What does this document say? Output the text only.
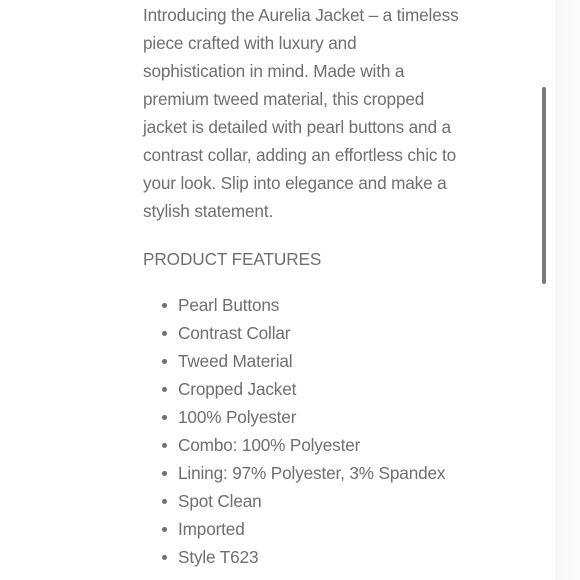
Introducing the Aurelia Jacket – a timeless piece crafted with luxury and sophistication in mind. Made with a premium tweed material, this cropped jacket is detailed with pearl buttons and a contrast collar, adding an effortless chic to your look. Slip into elegance and make a stylish statement.

PRODUCT FEATURES
Pearl Buttons
Contrast Collar
Tweed Material
Cropped Jacket
100% Polyester
Combo: 100% Polyester
Lining: 97% Polyester, 3% Spandex
Spot Clean
Imported
Style T623
